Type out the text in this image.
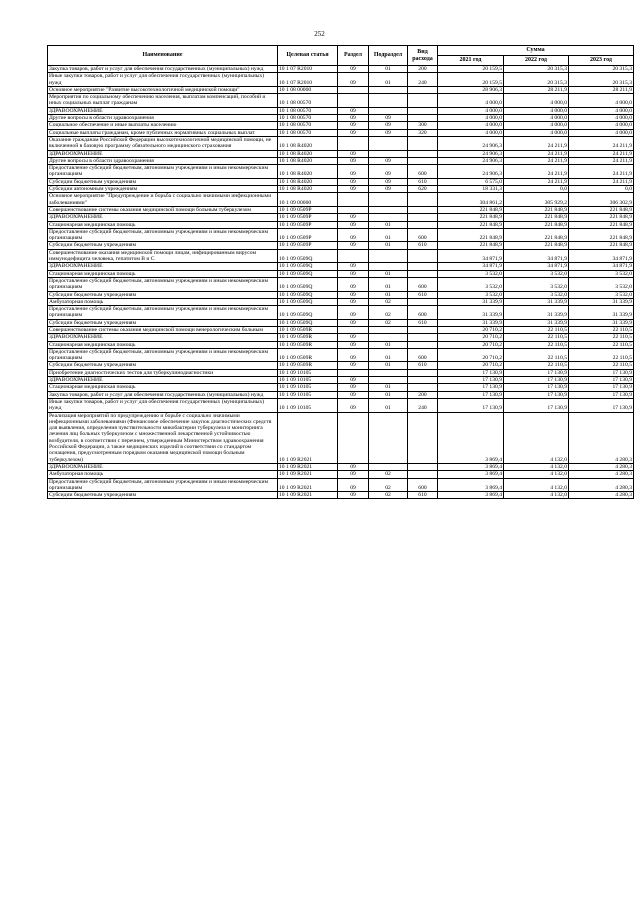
252
Наименование	Целевая статья	Раздел	Подраздел	Вид расхода	Сумма		
					2021 год	2022 год	2023 год
Закупка товаров, работ и услуг для обеспечения государственных (муниципальных) нужд	10 1 07 R2010	09	01	200	20 159,5	20 315,3	20 315,3
Иные закупки товаров, работ и услуг для обеспечения государственных (муниципальных) нужд	10 1 07 R2010	09	01	240	20 159,5	20 315,3	20 315,3
Основное мероприятие "Развитие высокотехнологичной медицинской помощи"	10 1 08 00000				28 906,3	28 211,9	28 211,9
Мероприятия по социальному обеспечению населения, выплатам компенсаций, пособий и иных социальных выплат гражданам	10 1 08 00570				4 000,0	4 000,0	4 000,0
ЗДРАВООХРАНЕНИЕ	10 1 08 00570	09			4 000,0	4 000,0	4 000,0
Другие вопросы в области здравоохранения	10 1 08 00570	09	09		4 000,0	4 000,0	4 000,0
Социальное обеспечение и иные выплаты населению	10 1 08 00570	09	09	300	4 000,0	4 000,0	4 000,0
Социальные выплаты гражданам, кроме публичных нормативных социальных выплат	10 1 08 00570	09	09	320	4 000,0	4 000,0	4 000,0
Оказание гражданам Российской Федерации высокотехнологичной медицинской помощи, не включенной в базовую программу обязательного медицинского страхования	10 1 08 R4020				24 906,3	24 211,9	24 211,9
ЗДРАВООХРАНЕНИЕ	10 1 08 R4020	09			24 906,3	24 211,9	24 211,9
Другие вопросы в области здравоохранения	10 1 08 R4020	09	09		24 906,3	24 211,9	24 211,9
Предоставление субсидий бюджетным, автономным учреждениям и иным некоммерческим организациям	10 1 08 R4020	09	09	600	24 906,3	24 211,9	24 211,9
Субсидии бюджетным учреждениям	10 1 08 R4020	09	09	610	6 575,0	24 211,9	24 211,9
Субсидии автономным учреждениям	10 1 08 R4020	09	09	620	18 331,3	0,0	0,0
Основное мероприятие "Предупреждение и борьба с социально значимыми инфекционными заболеваниями"	10 1 09 00000				304 861,2	305 929,2	306 302,9
Совершенствование системы оказания медицинской помощи больным туберкулезом	10 1 09 0509P				221 848,9	221 848,9	221 848,9
ЗДРАВООХРАНЕНИЕ	10 1 09 0509P	09			221 848,9	221 848,9	221 848,9
Стационарная медицинская помощь	10 1 09 0509P	09	01		221 848,9	221 848,9	221 848,9
Предоставление субсидий бюджетным, автономным учреждениям и иным некоммерческим организациям	10 1 09 0509P	09	01	600	221 848,9	221 848,9	221 848,9
Субсидии бюджетным учреждениям	10 1 09 0509P	09	01	610	221 848,9	221 848,9	221 848,9
Совершенствование оказания медицинской помощи лицам, инфицированным вирусом иммунодефицита человека, гепатитом В и С	10 1 09 0509Q				34 871,9	34 871,9	34 871,9
ЗДРАВООХРАНЕНИЕ	10 1 09 0509Q	09			34 871,9	34 871,9	34 871,9
Стационарная медицинская помощь	10 1 09 0509Q	09	01		3 532,0	3 532,0	3 532,0
Предоставление субсидий бюджетным, автономным учреждениям и иным некоммерческим организациям	10 1 09 0509Q	09	01	600	3 532,0	3 532,0	3 532,0
Субсидии бюджетным учреждениям	10 1 09 0509Q	09	01	610	3 532,0	3 532,0	3 532,0
Амбулаторная помощь	10 1 09 0509Q	09	02		31 339,9	31 339,9	31 339,9
Предоставление субсидий бюджетным, автономным учреждениям и иным некоммерческим организациям	10 1 09 0509Q	09	02	600	31 339,9	31 339,9	31 339,9
Субсидии бюджетным учреждениям	10 1 09 0509Q	09	02	610	31 339,9	31 339,9	31 339,9
Совершенствование системы оказания медицинской помощи венерологическим больным	10 1 09 0509R				20 710,2	22 110,5	22 110,5
ЗДРАВООХРАНЕНИЕ	10 1 09 0509R	09			20 710,2	22 110,5	22 110,5
Стационарная медицинская помощь	10 1 09 0509R	09	01		20 710,2	22 110,5	22 110,5
Предоставление субсидий бюджетным, автономным учреждениям и иным некоммерческим организациям	10 1 09 0509R	09	01	600	20 710,2	22 110,5	22 110,5
Субсидии бюджетным учреждениям	10 1 09 0509R	09	01	610	20 710,2	22 110,5	22 110,5
Приобретение диагностических тестов для туберкулинодиагностики	10 1 09 10105				17 130,9	17 130,9	17 130,9
ЗДРАВООХРАНЕНИЕ	10 1 09 10105	09			17 130,9	17 130,9	17 130,9
Стационарная медицинская помощь	10 1 09 10105	09	01		17 130,9	17 130,9	17 130,9
Закупка товаров, работ и услуг для обеспечения государственных (муниципальных) нужд	10 1 09 10105	09	01	200	17 130,9	17 130,9	17 130,9
Иные закупки товаров, работ и услуг для обеспечения государственных (муниципальных) нужд	10 1 09 10105	09	01	240	17 130,9	17 130,9	17 130,9
Реализация мероприятий по предупреждению и борьбе с социально значимыми инфекционными заболеваниями (Финансовое обеспечение закупок диагностических средств для выявления, определения чувствительности микобактерии туберкулеза и мониторинга лечения лиц больных туберкулезом с множественной лекарственной устойчивостью возбудителя, в соответствии с перечнем, утвержденным Министерством здравоохранения Российской Федерации, а также медицинских изделий в соответствии со стандартом оснащения, предусмотренным порядком оказания медицинской помощи больным туберкулезом)	10 1 09 R2021				3 869,4	4 132,0	4 280,3
ЗДРАВООХРАНЕНИЕ	10 1 09 R2021	09			3 869,4	4 132,0	4 280,3
Амбулаторная помощь	10 1 09 R2021	09	02		3 869,4	4 132,0	4 280,3
Предоставление субсидий бюджетным, автономным учреждениям и иным некоммерческим организациям	10 1 09 R2021	09	02	600	3 869,4	4 132,0	4 280,3
Субсидии бюджетным учреждениям	10 1 09 R2021	09	02	610	3 869,4	4 132,0	4 280,3
